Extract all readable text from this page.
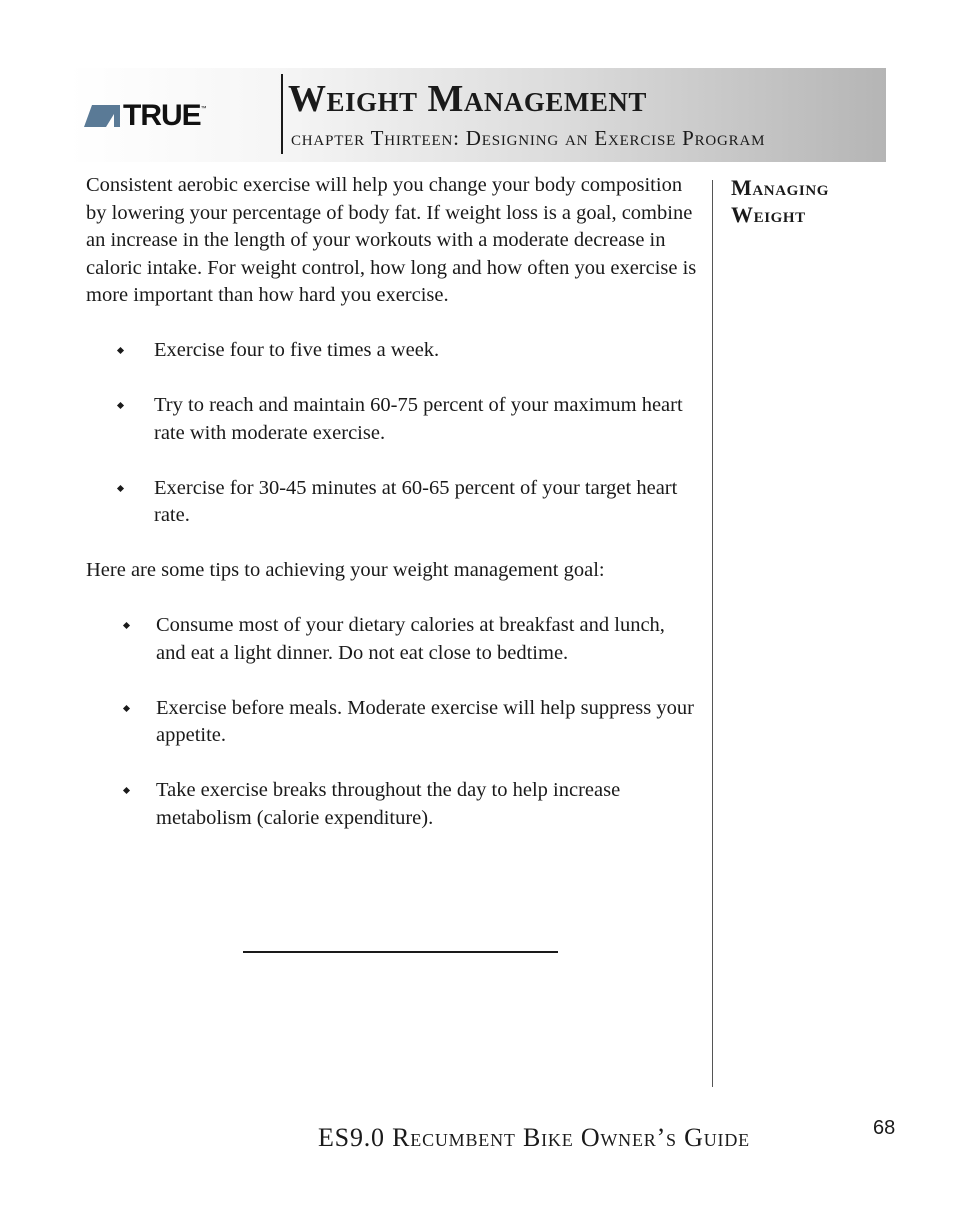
TRUE ™ Weight Management
chapter Thirteen: Designing an Exercise Program

Consistent aerobic exercise will help you change your body composition by lowering your percentage of body fat. If weight loss is a goal, combine an increase in the length of your workouts with a moderate decrease in caloric intake. For weight control, how long and how often you exercise is more important than how hard you exercise.

Exercise four to five times a week.
Try to reach and maintain 60-75 percent of your maximum heart rate with moderate exercise.
Exercise for 30-45 minutes at 60-65 percent of your target heart rate.

Here are some tips to achieving your weight management goal:

Consume most of your dietary calories at breakfast and lunch, and eat a light dinner. Do not eat close to bedtime.
Exercise before meals. Moderate exercise will help suppress your appetite.
Take exercise breaks throughout the day to help increase metabolism (calorie expenditure).
Managing Weight
ES9.0 Recumbent Bike Owner’s Guide	68
